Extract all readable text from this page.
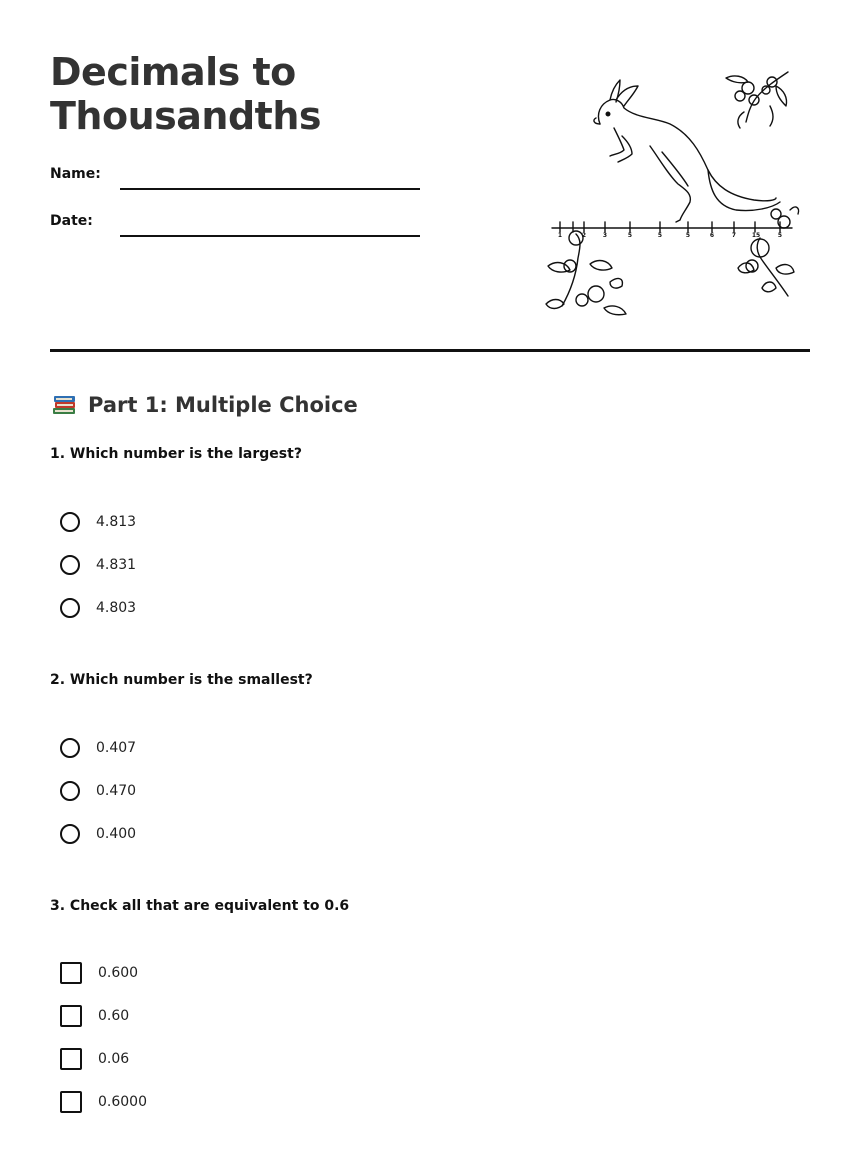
Decimals to
Thousandths
Name:
Date:
1	2	3	5	5	5	6	7	15	5
Part 1: Multiple Choice
1. Which number is the largest?
4.813
4.831
4.803
2. Which number is the smallest?
0.407
0.470
0.400
3. Check all that are equivalent to 0.6
0.600
0.60
0.06
0.6000
